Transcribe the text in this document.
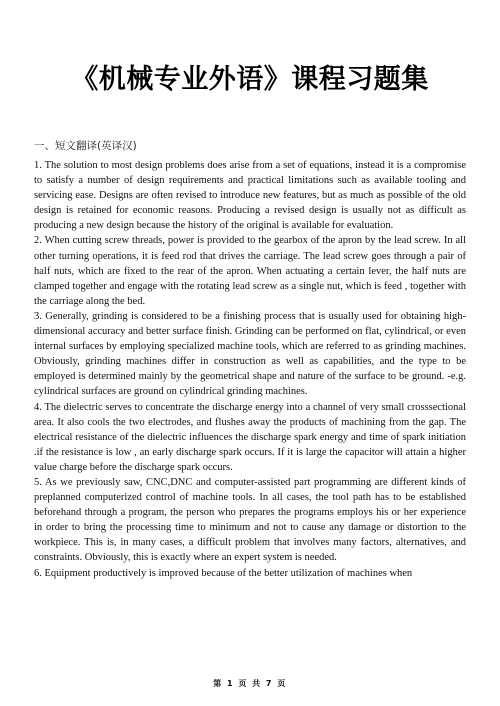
《机械专业外语》课程习题集
一、短文翻译(英译汉)

1. The solution to most design problems does arise from a set of equations, instead it is a compromise to satisfy a number of design requirements and practical limitations such as available tooling and servicing ease. Designs are often revised to introduce new features, but as much as possible of the old design is retained for economic reasons. Producing a revised design is usually not as difficult as producing a new design because the history of the original is available for evaluation.

2. When cutting screw threads, power is provided to the gearbox of the apron by the lead screw. In all other turning operations, it is feed rod that drives the carriage. The lead screw goes through a pair of half nuts, which are fixed to the rear of the apron. When actuating a certain lever, the half nuts are clamped together and engage with the rotating lead screw as a single nut, which is feed , together with the carriage along the bed.

3. Generally, grinding is considered to be a finishing process that is usually used for obtaining high-dimensional accuracy and better surface finish. Grinding can be performed on flat, cylindrical, or even internal surfaces by employing specialized machine tools, which are referred to as grinding machines. Obviously, grinding machines differ in construction as well as capabilities, and the type to be employed is determined mainly by the geometrical shape and nature of the surface to be ground. -e.g. cylindrical surfaces are ground on cylindrical grinding machines.

4. The dielectric serves to concentrate the discharge energy into a channel of very small crosssectional area. It also cools the two electrodes, and flushes away the products of machining from the gap. The electrical resistance of the dielectric influences the discharge spark energy and time of spark initiation .if the resistance is low , an early discharge spark occurs. If it is large the capacitor will attain a higher value charge before the discharge spark occurs.

5. As we previously saw, CNC,DNC and computer-assisted part programming are different kinds of preplanned computerized control of machine tools. In all cases, the tool path has to be established beforehand through a program, the person who prepares the programs employs his or her experience in order to bring the processing time to minimum and not to cause any damage or distortion to the workpiece. This is, in many cases, a difficult problem that involves many factors, alternatives, and constraints. Obviously, this is exactly where an expert system is needed.

6. Equipment productively is improved because of the better utilization of machines when

第 1 页 共 7 页
